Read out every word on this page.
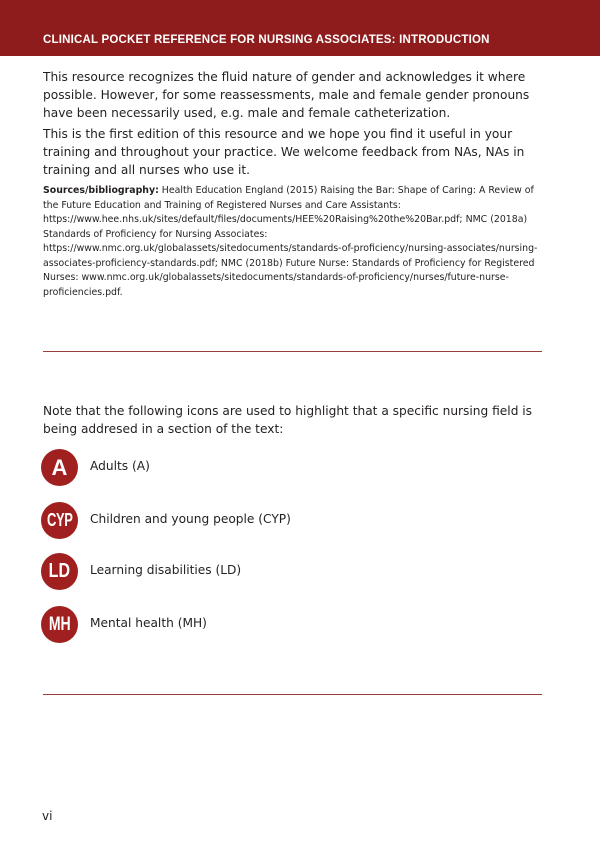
CLINICAL POCKET REFERENCE FOR NURSING ASSOCIATES: INTRODUCTION

This resource recognizes the fluid nature of gender and acknowledges it where possible. However, for some reassessments, male and female gender pronouns have been necessarily used, e.g. male and female catheterization.

This is the first edition of this resource and we hope you find it useful in your training and throughout your practice. We welcome feedback from NAs, NAs in training and all nurses who use it.

Sources/bibliography: Health Education England (2015) Raising the Bar: Shape of Caring: A Review of the Future Education and Training of Registered Nurses and Care Assistants: https://www.hee.nhs.uk/sites/default/files/documents/HEE%20Raising%20the%20Bar.pdf; NMC (2018a) Standards of Proficiency for Nursing Associates: https://www.nmc.org.uk/globalassets/sitedocuments/standards-of-proficiency/nursing-associates/nursing-associates-proficiency-standards.pdf; NMC (2018b) Future Nurse: Standards of Proficiency for Registered Nurses: www.nmc.org.uk/globalassets/sitedocuments/standards-of-proficiency/nurses/future-nurse-proficiencies.pdf.

Note that the following icons are used to highlight that a specific nursing field is being addresed in a section of the text:

A Adults (A)
CYP Children and young people (CYP)
LD Learning disabilities (LD)
MH Mental health (MH)
vi
